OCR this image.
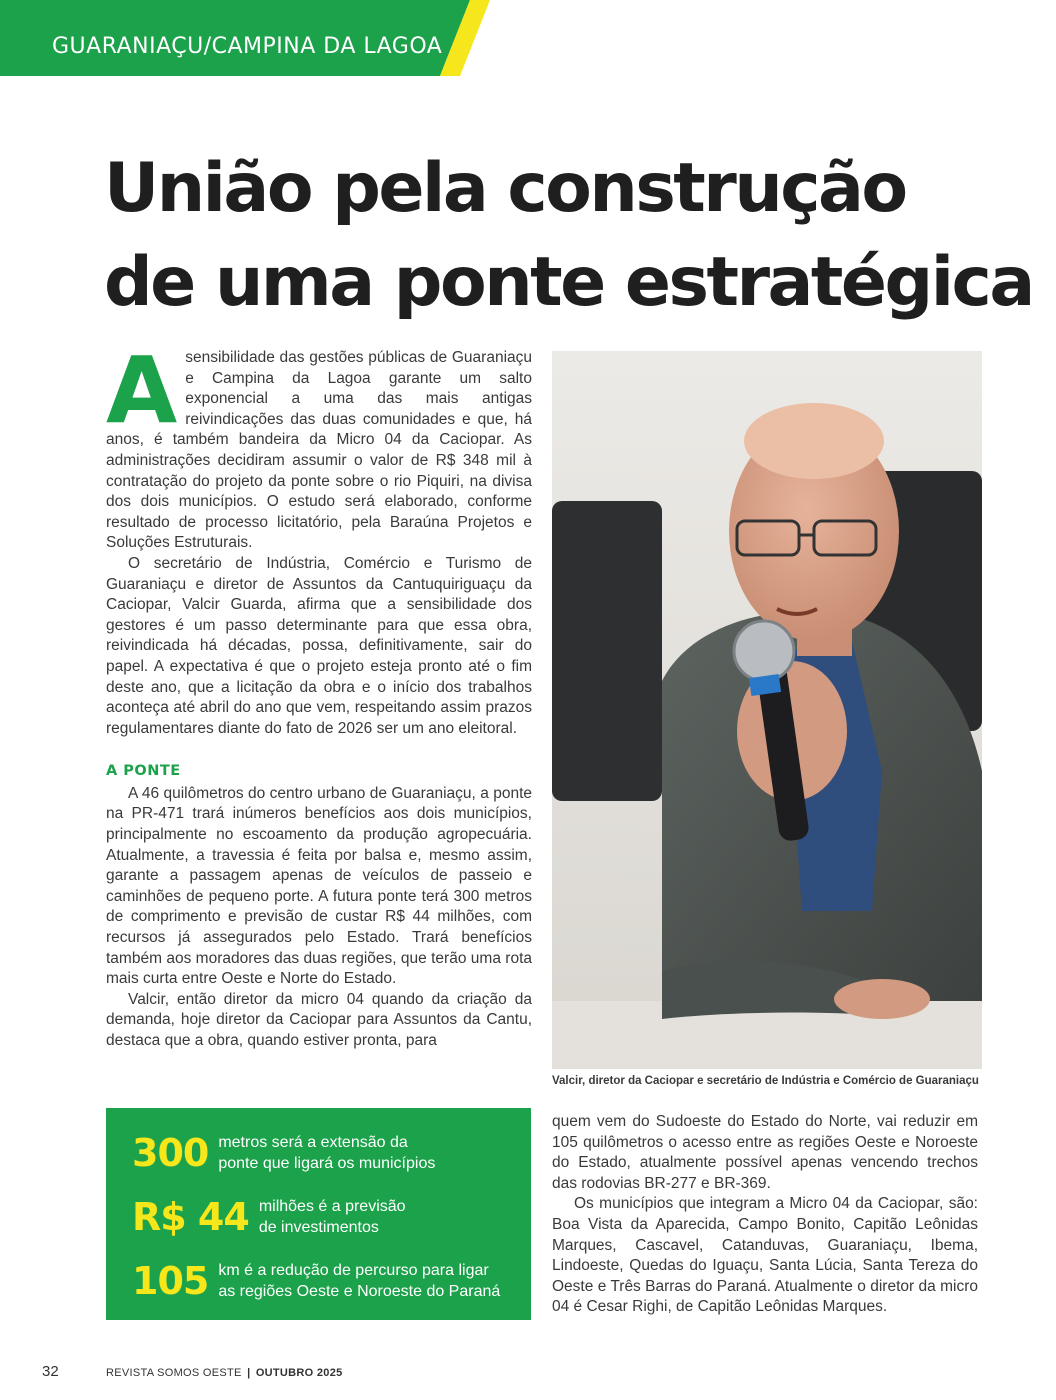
GUARANIAÇU/CAMPINA DA LAGOA
União pela construção
de uma ponte estratégica

Asensibilidade das gestões públicas de Guaraniaçu e Campina da Lagoa garante um salto exponencial a uma das mais antigas reivindicações das duas comunidades e que, há anos, é também bandeira da Micro 04 da Caciopar. As administrações decidiram assumir o valor de R$ 348 mil à contratação do projeto da ponte sobre o rio Piquiri, na divisa dos dois municípios. O estudo será elaborado, conforme resultado de processo licitatório, pela Baraúna Projetos e Soluções Estruturais.

O secretário de Indústria, Comércio e Turismo de Guaraniaçu e diretor de Assuntos da Cantuquiriguaçu da Caciopar, Valcir Guarda, afirma que a sensibilidade dos gestores é um passo determinante para que essa obra, reivindicada há décadas, possa, definitivamente, sair do papel. A expectativa é que o projeto esteja pronto até o fim deste ano, que a licitação da obra e o início dos trabalhos aconteça até abril do ano que vem, respeitando assim prazos regulamentares diante do fato de 2026 ser um ano eleitoral.

A PONTE

A 46 quilômetros do centro urbano de Guaraniaçu, a ponte na PR-471 trará inúmeros benefícios aos dois municípios, principalmente no escoamento da produção agropecuária. Atualmente, a travessia é feita por balsa e, mesmo assim, garante a passagem apenas de veículos de passeio e caminhões de pequeno porte. A futura ponte terá 300 metros de comprimento e previsão de custar R$ 44 milhões, com recursos já assegurados pelo Estado. Trará benefícios também aos moradores das duas regiões, que terão uma rota mais curta entre Oeste e Norte do Estado.

Valcir, então diretor da micro 04 quando da criação da demanda, hoje diretor da Caciopar para Assuntos da Cantu, destaca que a obra, quando estiver pronta, para

Valcir, diretor da Caciopar e secretário de Indústria e Comércio de Guaraniaçu
300 metros será a extensão da
ponte que ligará os municípios
R$ 44 milhões é a previsão
de investimentos
105 km é a redução de percurso para ligar
as regiões Oeste e Noroeste do Paraná

quem vem do Sudoeste do Estado do Norte, vai reduzir em 105 quilômetros o acesso entre as regiões Oeste e Noroeste do Estado, atualmente possível apenas vencendo trechos das rodovias BR-277 e BR-369.

Os municípios que integram a Micro 04 da Caciopar, são: Boa Vista da Aparecida, Campo Bonito, Capitão Leônidas Marques, Cascavel, Catanduvas, Guaraniaçu, Ibema, Lindoeste, Quedas do Iguaçu, Santa Lúcia, Santa Tereza do Oeste e Três Barras do Paraná. Atualmente o diretor da micro 04 é Cesar Righi, de Capitão Leônidas Marques.

32	REVISTA SOMOS OESTE | OUTUBRO 2025
